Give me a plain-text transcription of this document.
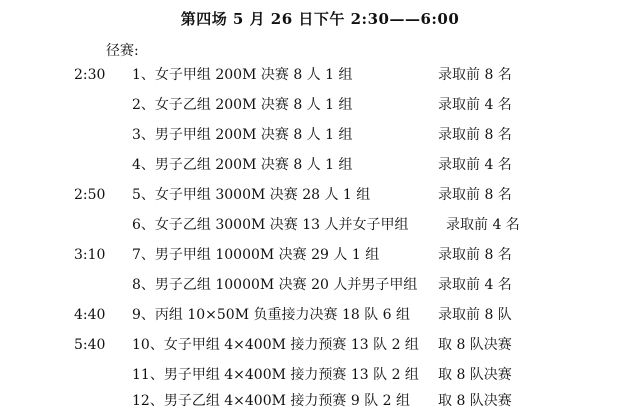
第四场 5 月 26 日下午 2:30——6:00
径赛:
2:30 1、女子甲组 200M 决赛 8 人 1 组	录取前 8 名
2、女子乙组 200M 决赛 8 人 1 组	录取前 4 名
3、男子甲组 200M 决赛 8 人 1 组	录取前 8 名
4、男子乙组 200M 决赛 8 人 1 组	录取前 4 名
2:50 5、女子甲组 3000M 决赛 28 人 1 组	录取前 8 名
6、女子乙组 3000M 决赛 13 人并女子甲组	录取前 4 名
3:10 7、男子甲组 10000M 决赛 29 人 1 组	录取前 8 名
8、男子乙组 10000M 决赛 20 人并男子甲组 录取前 4 名
4:40 9、丙组 10×50M 负重接力决赛 18 队 6 组 录取前 8 队
5:40 10、女子甲组 4×400M 接力预赛 13 队 2 组 取 8 队决赛
11、男子甲组 4×400M 接力预赛 13 队 2 组 取 8 队决赛
12、男子乙组 4×400M 接力预赛 9 队 2 组 取 8 队决赛
